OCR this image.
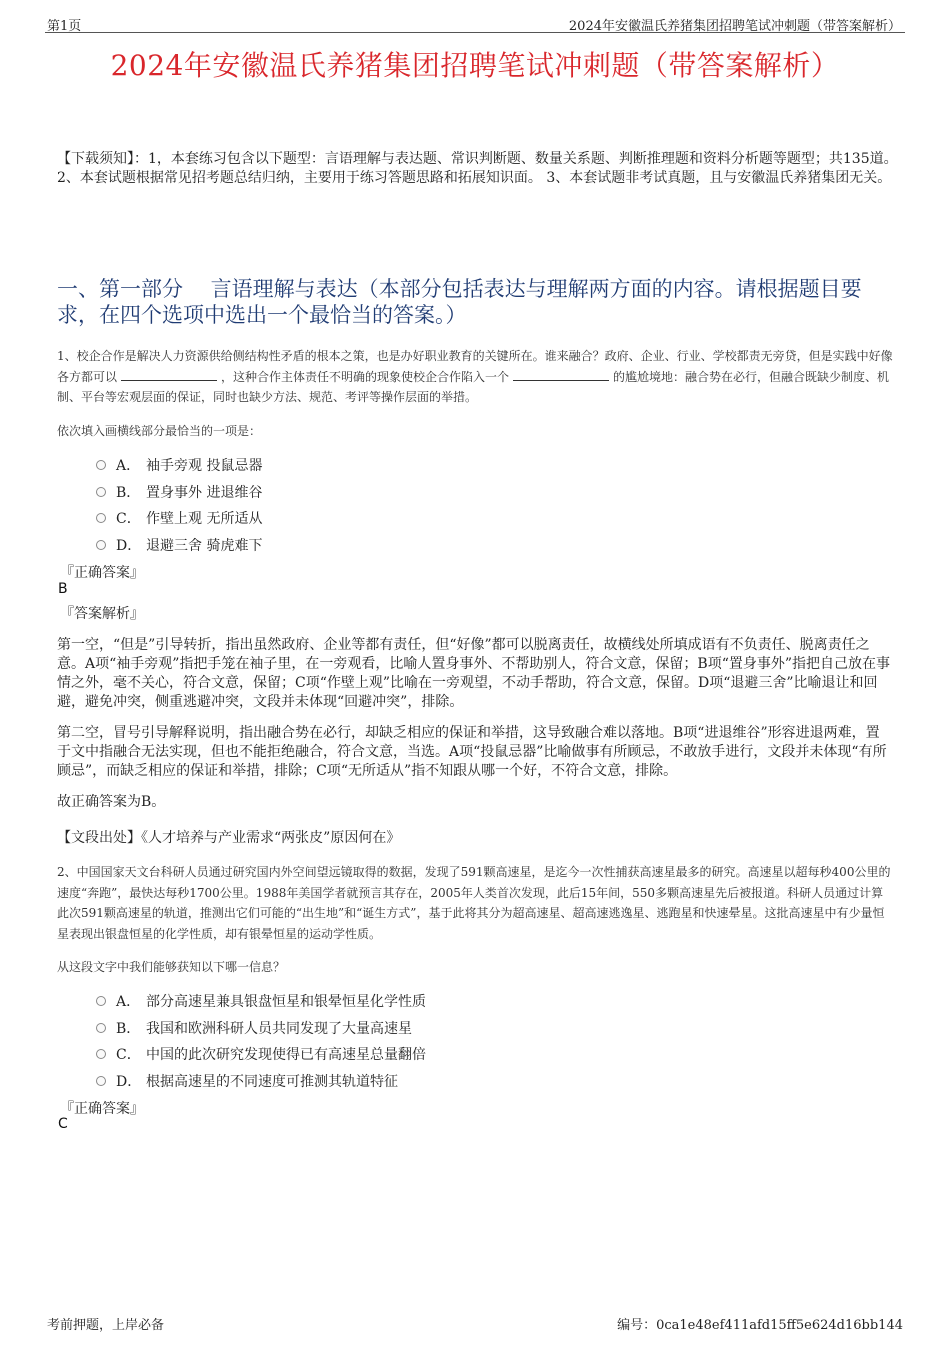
第1页	2024年安徽温氏养猪集团招聘笔试冲刺题（带答案解析）
2024年安徽温氏养猪集团招聘笔试冲刺题（带答案解析）
【下载须知】：1，本套练习包含以下题型：言语理解与表达题、常识判断题、数量关系题、判断推理题和资料分析题等题型；共135道。 2、本套试题根据常见招考题总结归纳，主要用于练习答题思路和拓展知识面。 3、本套试题非考试真题，且与安徽温氏养猪集团无关。
一、第一部分　 言语理解与表达（本部分包括表达与理解两方面的内容。请根据题目要求，在四个选项中选出一个最恰当的答案。）
1、校企合作是解决人力资源供给侧结构性矛盾的根本之策，也是办好职业教育的关键所在。谁来融合？政府、企业、行业、学校都责无旁贷，但是实践中好像各方都可以	，这种合作主体责任不明确的现象使校企合作陷入一个	的尴尬境地：融合势在必行，但融合既缺少制度、机制、平台等宏观层面的保证，同时也缺少方法、规范、考评等操作层面的举措。
依次填入画横线部分最恰当的一项是：
A． 袖手旁观 投鼠忌器
B． 置身事外 进退维谷
C． 作壁上观 无所适从
D． 退避三舍 骑虎难下
『正确答案』
B
『答案解析』
第一空，“但是”引导转折，指出虽然政府、企业等都有责任，但“好像”都可以脱离责任，故横线处所填成语有不负责任、脱离责任之意。A项“袖手旁观”指把手笼在袖子里，在一旁观看，比喻人置身事外、不帮助别人，符合文意，保留；B项“置身事外”指把自己放在事情之外，毫不关心，符合文意，保留；C项“作壁上观”比喻在一旁观望，不动手帮助，符合文意，保留。D项“退避三舍”比喻退让和回避，避免冲突，侧重逃避冲突，文段并未体现“回避冲突”，排除。
第二空，冒号引导解释说明，指出融合势在必行，却缺乏相应的保证和举措，这导致融合难以落地。B项“进退维谷”形容进退两难，置于文中指融合无法实现，但也不能拒绝融合，符合文意，当选。A项“投鼠忌器”比喻做事有所顾忌，不敢放手进行，文段并未体现“有所顾忌”，而缺乏相应的保证和举措，排除；C项“无所适从”指不知跟从哪一个好，不符合文意，排除。
故正确答案为B。
【文段出处】《人才培养与产业需求“两张皮”原因何在》
2、中国国家天文台科研人员通过研究国内外空间望远镜取得的数据，发现了591颗高速星，是迄今一次性捕获高速星最多的研究。高速星以超每秒400公里的速度“奔跑”，最快达每秒1700公里。1988年美国学者就预言其存在，2005年人类首次发现，此后15年间，550多颗高速星先后被报道。科研人员通过计算此次591颗高速星的轨道，推测出它们可能的“出生地”和“诞生方式”，基于此将其分为超高速星、超高速逃逸星、逃跑星和快速晕星。这批高速星中有少量恒星表现出银盘恒星的化学性质，却有银晕恒星的运动学性质。
从这段文字中我们能够获知以下哪一信息？
A． 部分高速星兼具银盘恒星和银晕恒星化学性质
B． 我国和欧洲科研人员共同发现了大量高速星
C． 中国的此次研究发现使得已有高速星总量翻倍
D． 根据高速星的不同速度可推测其轨道特征
『正确答案』
C
考前押题，上岸必备	编号：0ca1e48ef411afd15ff5e624d16bb144
